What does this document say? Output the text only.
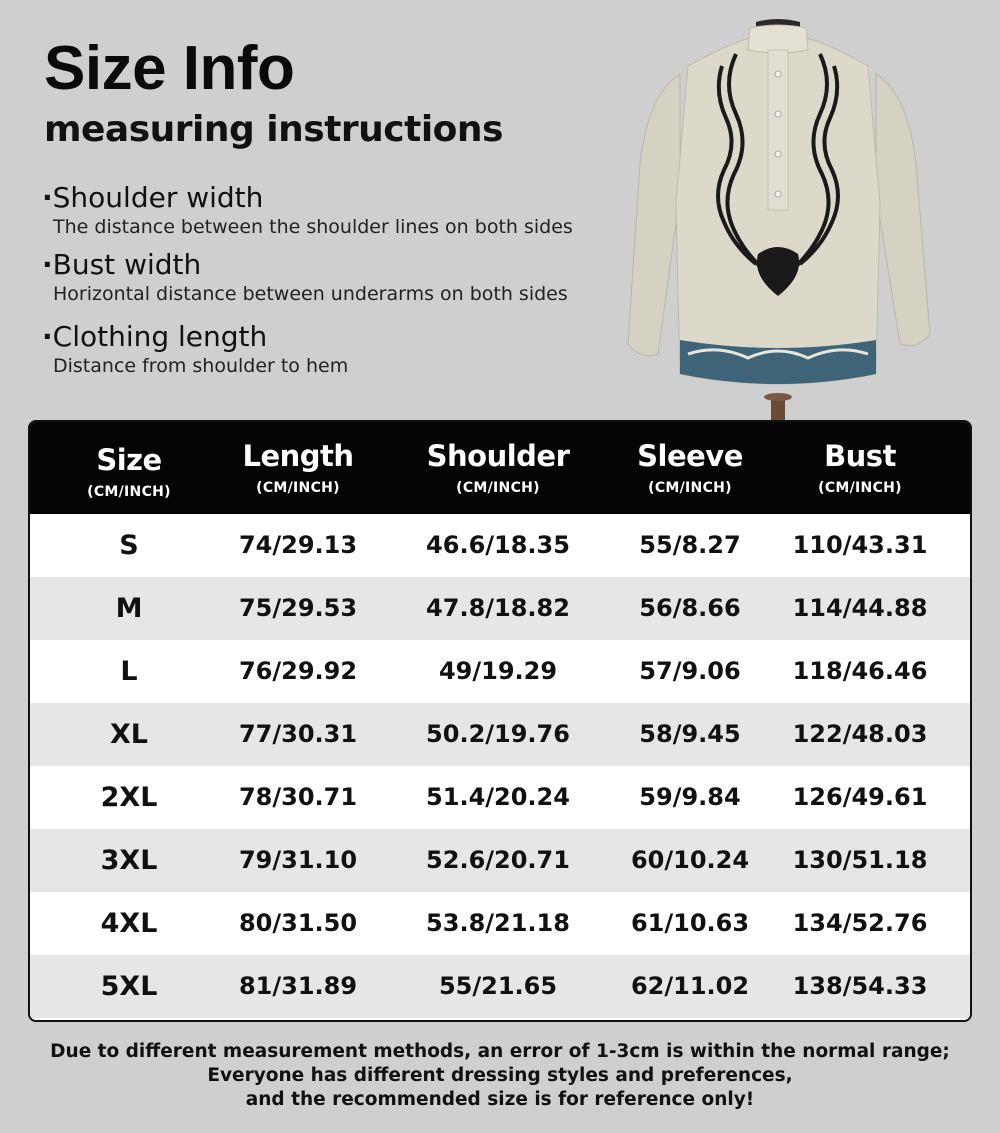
Size Info
measuring instructions
·Shoulder width
The distance between the shoulder lines on both sides
·Bust width
Horizontal distance between underarms on both sides
·Clothing length
Distance from shoulder to hem
Size
(CM/INCH)
Length
(CM/INCH)
Shoulder
(CM/INCH)
Sleeve
(CM/INCH)
Bust
(CM/INCH)
S	74/29.13	46.6/18.35	55/8.27	110/43.31
M	75/29.53	47.8/18.82	56/8.66	114/44.88
L	76/29.92	49/19.29	57/9.06	118/46.46
XL	77/30.31	50.2/19.76	58/9.45	122/48.03
2XL	78/30.71	51.4/20.24	59/9.84	126/49.61
3XL	79/31.10	52.6/20.71	60/10.24	130/51.18
4XL	80/31.50	53.8/21.18	61/10.63	134/52.76
5XL	81/31.89	55/21.65	62/11.02	138/54.33
Due to different measurement methods, an error of 1-3cm is within the normal range;
Everyone has different dressing styles and preferences,
and the recommended size is for reference only!
